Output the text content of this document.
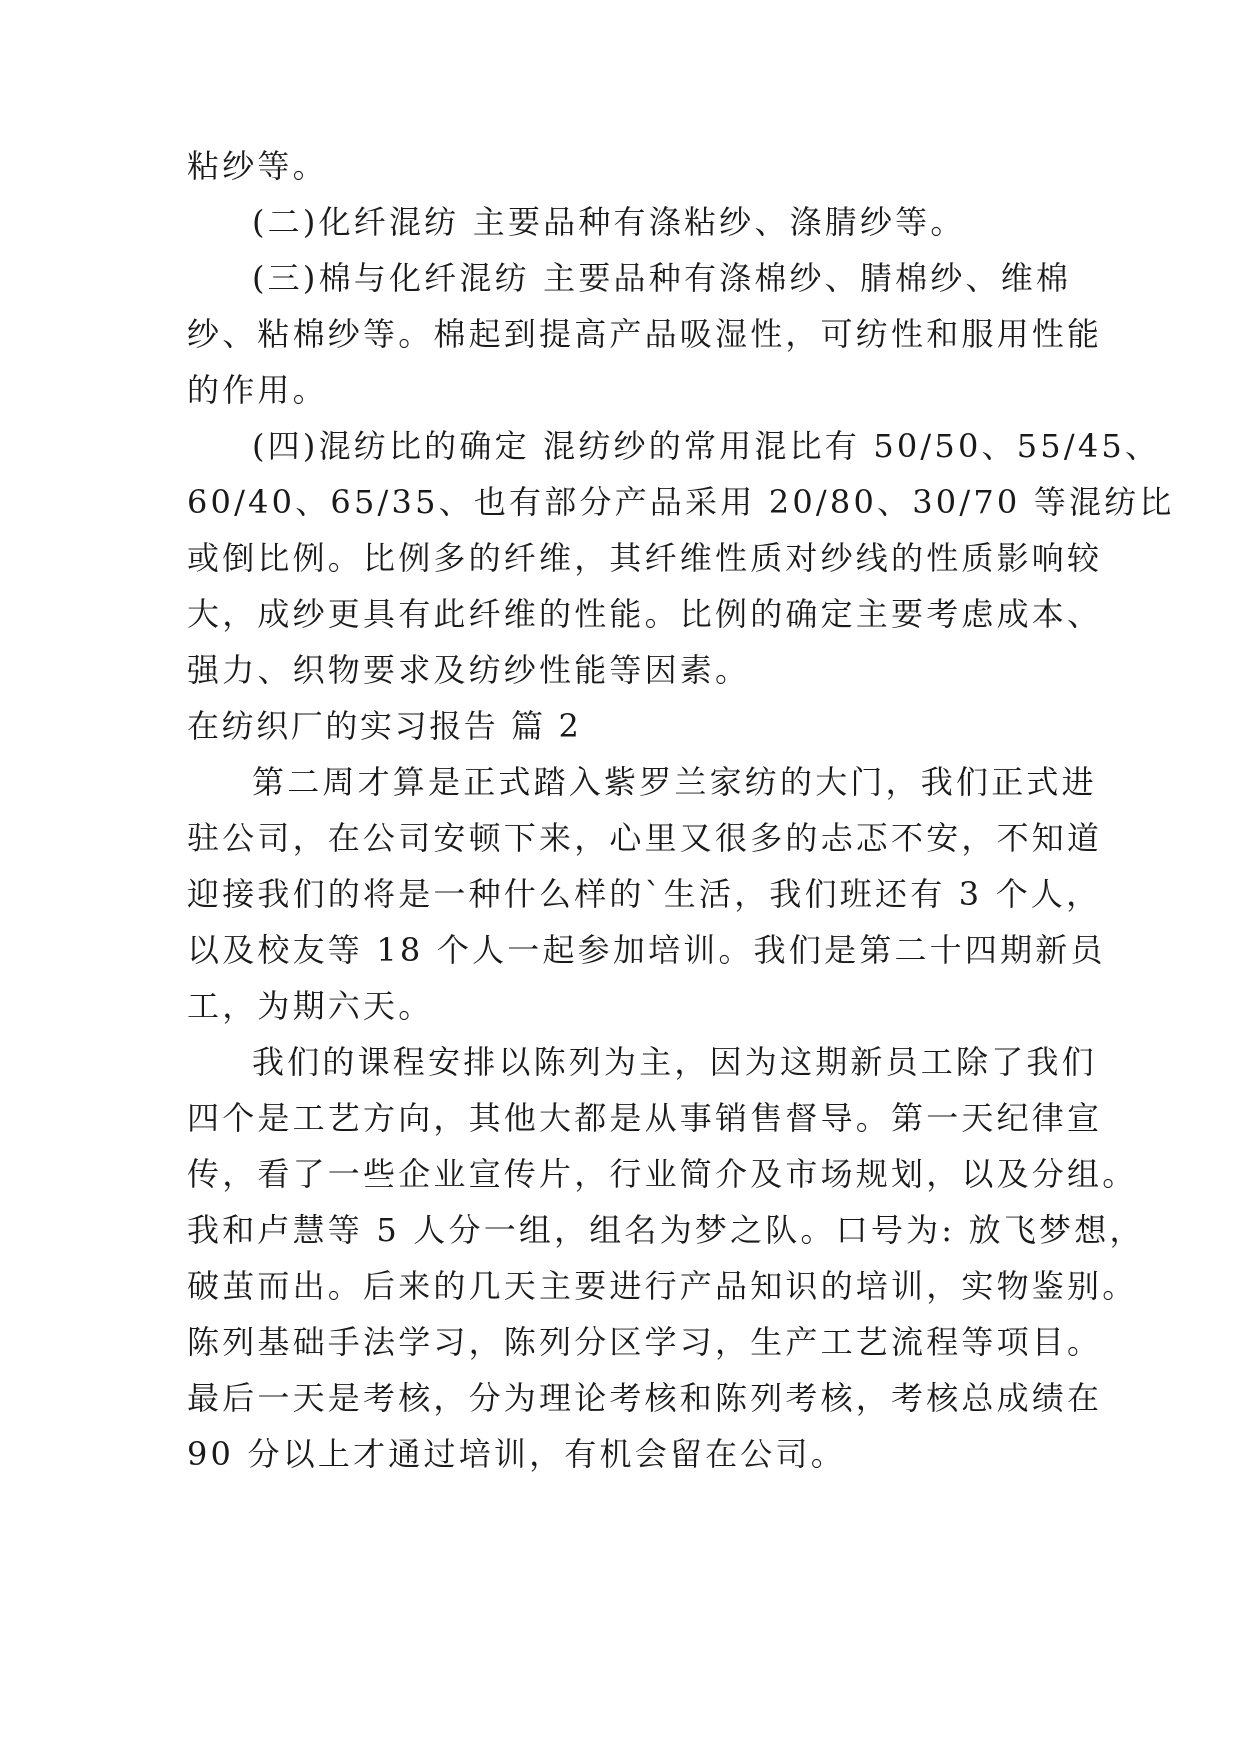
粘纱等。

(二)化纤混纺 主要品种有涤粘纱、涤腈纱等。

(三)棉与化纤混纺 主要品种有涤棉纱、腈棉纱、维棉

纱、粘棉纱等。棉起到提高产品吸湿性，可纺性和服用性能

的作用。

(四)混纺比的确定 混纺纱的常用混比有 50/50、55/45、

60/40、65/35、也有部分产品采用 20/80、30/70 等混纺比

或倒比例。比例多的纤维，其纤维性质对纱线的性质影响较

大，成纱更具有此纤维的性能。比例的确定主要考虑成本、

强力、织物要求及纺纱性能等因素。

在纺织厂的实习报告 篇 2

第二周才算是正式踏入紫罗兰家纺的大门，我们正式进

驻公司，在公司安顿下来，心里又很多的忐忑不安，不知道

迎接我们的将是一种什么样的`生活，我们班还有 3 个人，

以及校友等 18 个人一起参加培训。我们是第二十四期新员

工，为期六天。

我们的课程安排以陈列为主，因为这期新员工除了我们

四个是工艺方向，其他大都是从事销售督导。第一天纪律宣

传，看了一些企业宣传片，行业简介及市场规划，以及分组。

我和卢慧等 5 人分一组，组名为梦之队。口号为: 放飞梦想，

破茧而出。后来的几天主要进行产品知识的培训，实物鉴别。

陈列基础手法学习，陈列分区学习，生产工艺流程等项目。

最后一天是考核，分为理论考核和陈列考核，考核总成绩在

90 分以上才通过培训，有机会留在公司。
